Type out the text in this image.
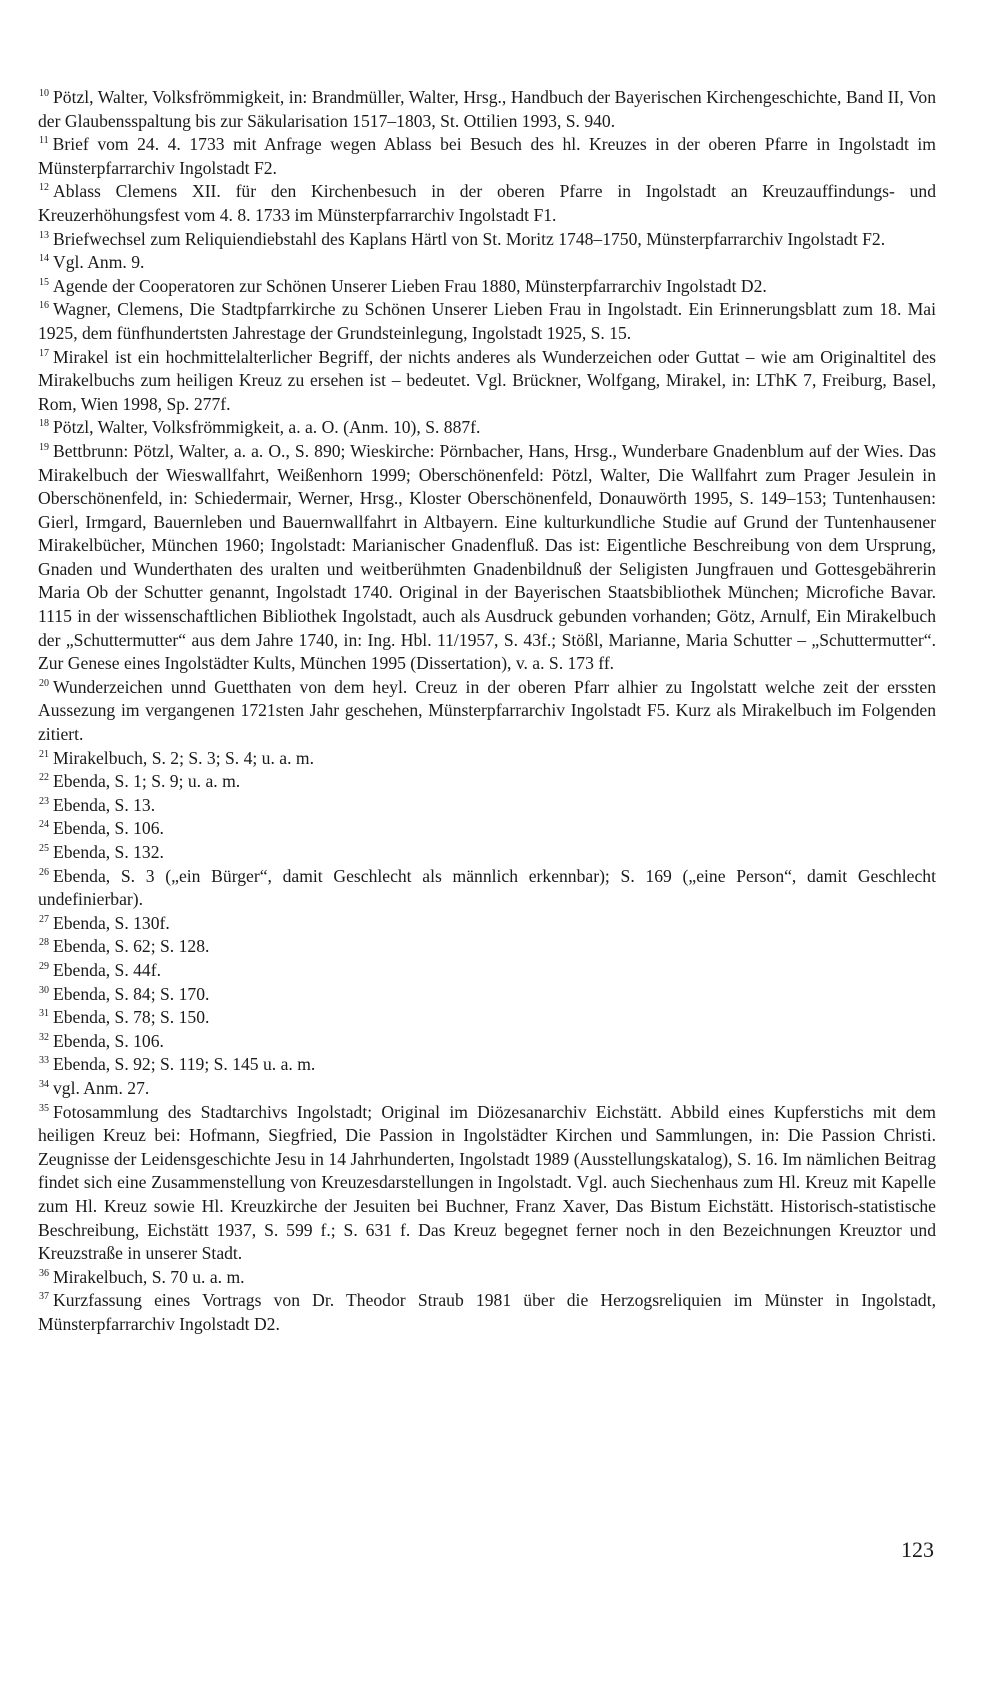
$^{10}$ Pötzl, Walter, Volksfrömmigkeit, in: Brandmüller, Walter, Hrsg., Handbuch der Bayerischen Kirchengeschichte, Band II, Von der Glaubensspaltung bis zur Säkularisation 1517–1803, St. Ottilien 1993, S. 940.

$^{11}$ Brief vom 24. 4. 1733 mit Anfrage wegen Ablass bei Besuch des hl. Kreuzes in der oberen Pfarre in Ingolstadt im Münsterpfarrarchiv Ingolstadt F2.

$^{12}$ Ablass Clemens XII. für den Kirchenbesuch in der oberen Pfarre in Ingolstadt an Kreuzauffindungs- und Kreuzerhöhungsfest vom 4. 8. 1733 im Münsterpfarrarchiv Ingolstadt F1.

$^{13}$ Briefwechsel zum Reliquiendiebstahl des Kaplans Härtl von St. Moritz 1748–1750, Münsterpfarrarchiv Ingolstadt F2.

$^{14}$ Vgl. Anm. 9.

$^{15}$ Agende der Cooperatoren zur Schönen Unserer Lieben Frau 1880, Münsterpfarrarchiv Ingolstadt D2.

$^{16}$ Wagner, Clemens, Die Stadtpfarrkirche zu Schönen Unserer Lieben Frau in Ingolstadt. Ein Erinnerungsblatt zum 18. Mai 1925, dem fünfhundertsten Jahrestage der Grundsteinlegung, Ingolstadt 1925, S. 15.

$^{17}$ Mirakel ist ein hochmittelalterlicher Begriff, der nichts anderes als Wunderzeichen oder Guttat – wie am Originaltitel des Mirakelbuchs zum heiligen Kreuz zu ersehen ist – bedeutet. Vgl. Brückner, Wolfgang, Mirakel, in: LThK 7, Freiburg, Basel, Rom, Wien 1998, Sp. 277f.

$^{18}$ Pötzl, Walter, Volksfrömmigkeit, a. a. O. (Anm. 10), S. 887f.

$^{19}$ Bettbrunn: Pötzl, Walter, a. a. O., S. 890; Wieskirche: Pörnbacher, Hans, Hrsg., Wunderbare Gnadenblum auf der Wies. Das Mirakelbuch der Wieswallfahrt, Weißenhorn 1999; Oberschönenfeld: Pötzl, Walter, Die Wallfahrt zum Prager Jesulein in Oberschönenfeld, in: Schiedermair, Werner, Hrsg., Kloster Oberschönenfeld, Donauwörth 1995, S. 149–153; Tuntenhausen: Gierl, Irmgard, Bauernleben und Bauernwallfahrt in Altbayern. Eine kulturkundliche Studie auf Grund der Tuntenhausener Mirakelbücher, München 1960; Ingolstadt: Marianischer Gnadenfluß. Das ist: Eigentliche Beschreibung von dem Ursprung, Gnaden und Wunderthaten des uralten und weitberühmten Gnadenbildnuß der Seligisten Jungfrauen und Gottesgebährerin Maria Ob der Schutter genannt, Ingolstadt 1740. Original in der Bayerischen Staatsbibliothek München; Microfiche Bavar. 1115 in der wissenschaftlichen Bibliothek Ingolstadt, auch als Ausdruck gebunden vorhanden; Götz, Arnulf, Ein Mirakelbuch der „Schuttermutter“ aus dem Jahre 1740, in: Ing. Hbl. 11/1957, S. 43f.; Stößl, Marianne, Maria Schutter – „Schuttermutter“. Zur Genese eines Ingolstädter Kults, München 1995 (Dissertation), v. a. S. 173 ff.

$^{20}$ Wunderzeichen unnd Guetthaten von dem heyl. Creuz in der oberen Pfarr alhier zu Ingolstatt welche zeit der erssten Aussezung im vergangenen 1721sten Jahr geschehen, Münsterpfarrarchiv Ingolstadt F5. Kurz als Mirakelbuch im Folgenden zitiert.

$^{21}$ Mirakelbuch, S. 2; S. 3; S. 4; u. a. m.

$^{22}$ Ebenda, S. 1; S. 9; u. a. m.

$^{23}$ Ebenda, S. 13.

$^{24}$ Ebenda, S. 106.

$^{25}$ Ebenda, S. 132.

$^{26}$ Ebenda, S. 3 („ein Bürger“, damit Geschlecht als männlich erkennbar); S. 169 („eine Person“, damit Geschlecht undefinierbar).

$^{27}$ Ebenda, S. 130f.

$^{28}$ Ebenda, S. 62; S. 128.

$^{29}$ Ebenda, S. 44f.

$^{30}$ Ebenda, S. 84; S. 170.

$^{31}$ Ebenda, S. 78; S. 150.

$^{32}$ Ebenda, S. 106.

$^{33}$ Ebenda, S. 92; S. 119; S. 145 u. a. m.

$^{34}$ vgl. Anm. 27.

$^{35}$ Fotosammlung des Stadtarchivs Ingolstadt; Original im Diözesanarchiv Eichstätt. Abbild eines Kupferstichs mit dem heiligen Kreuz bei: Hofmann, Siegfried, Die Passion in Ingolstädter Kirchen und Sammlungen, in: Die Passion Christi. Zeugnisse der Leidensgeschichte Jesu in 14 Jahrhunderten, Ingolstadt 1989 (Ausstellungskatalog), S. 16. Im nämlichen Beitrag findet sich eine Zusammenstellung von Kreuzesdarstellungen in Ingolstadt. Vgl. auch Siechenhaus zum Hl. Kreuz mit Kapelle zum Hl. Kreuz sowie Hl. Kreuzkirche der Jesuiten bei Buchner, Franz Xaver, Das Bistum Eichstätt. Historisch-statistische Beschreibung, Eichstätt 1937, S. 599 f.; S. 631 f. Das Kreuz begegnet ferner noch in den Bezeichnungen Kreuztor und Kreuzstraße in unserer Stadt.

$^{36}$ Mirakelbuch, S. 70 u. a. m.

$^{37}$ Kurzfassung eines Vortrags von Dr. Theodor Straub 1981 über die Herzogsreliquien im Münster in Ingolstadt, Münsterpfarrarchiv Ingolstadt D2.

123
